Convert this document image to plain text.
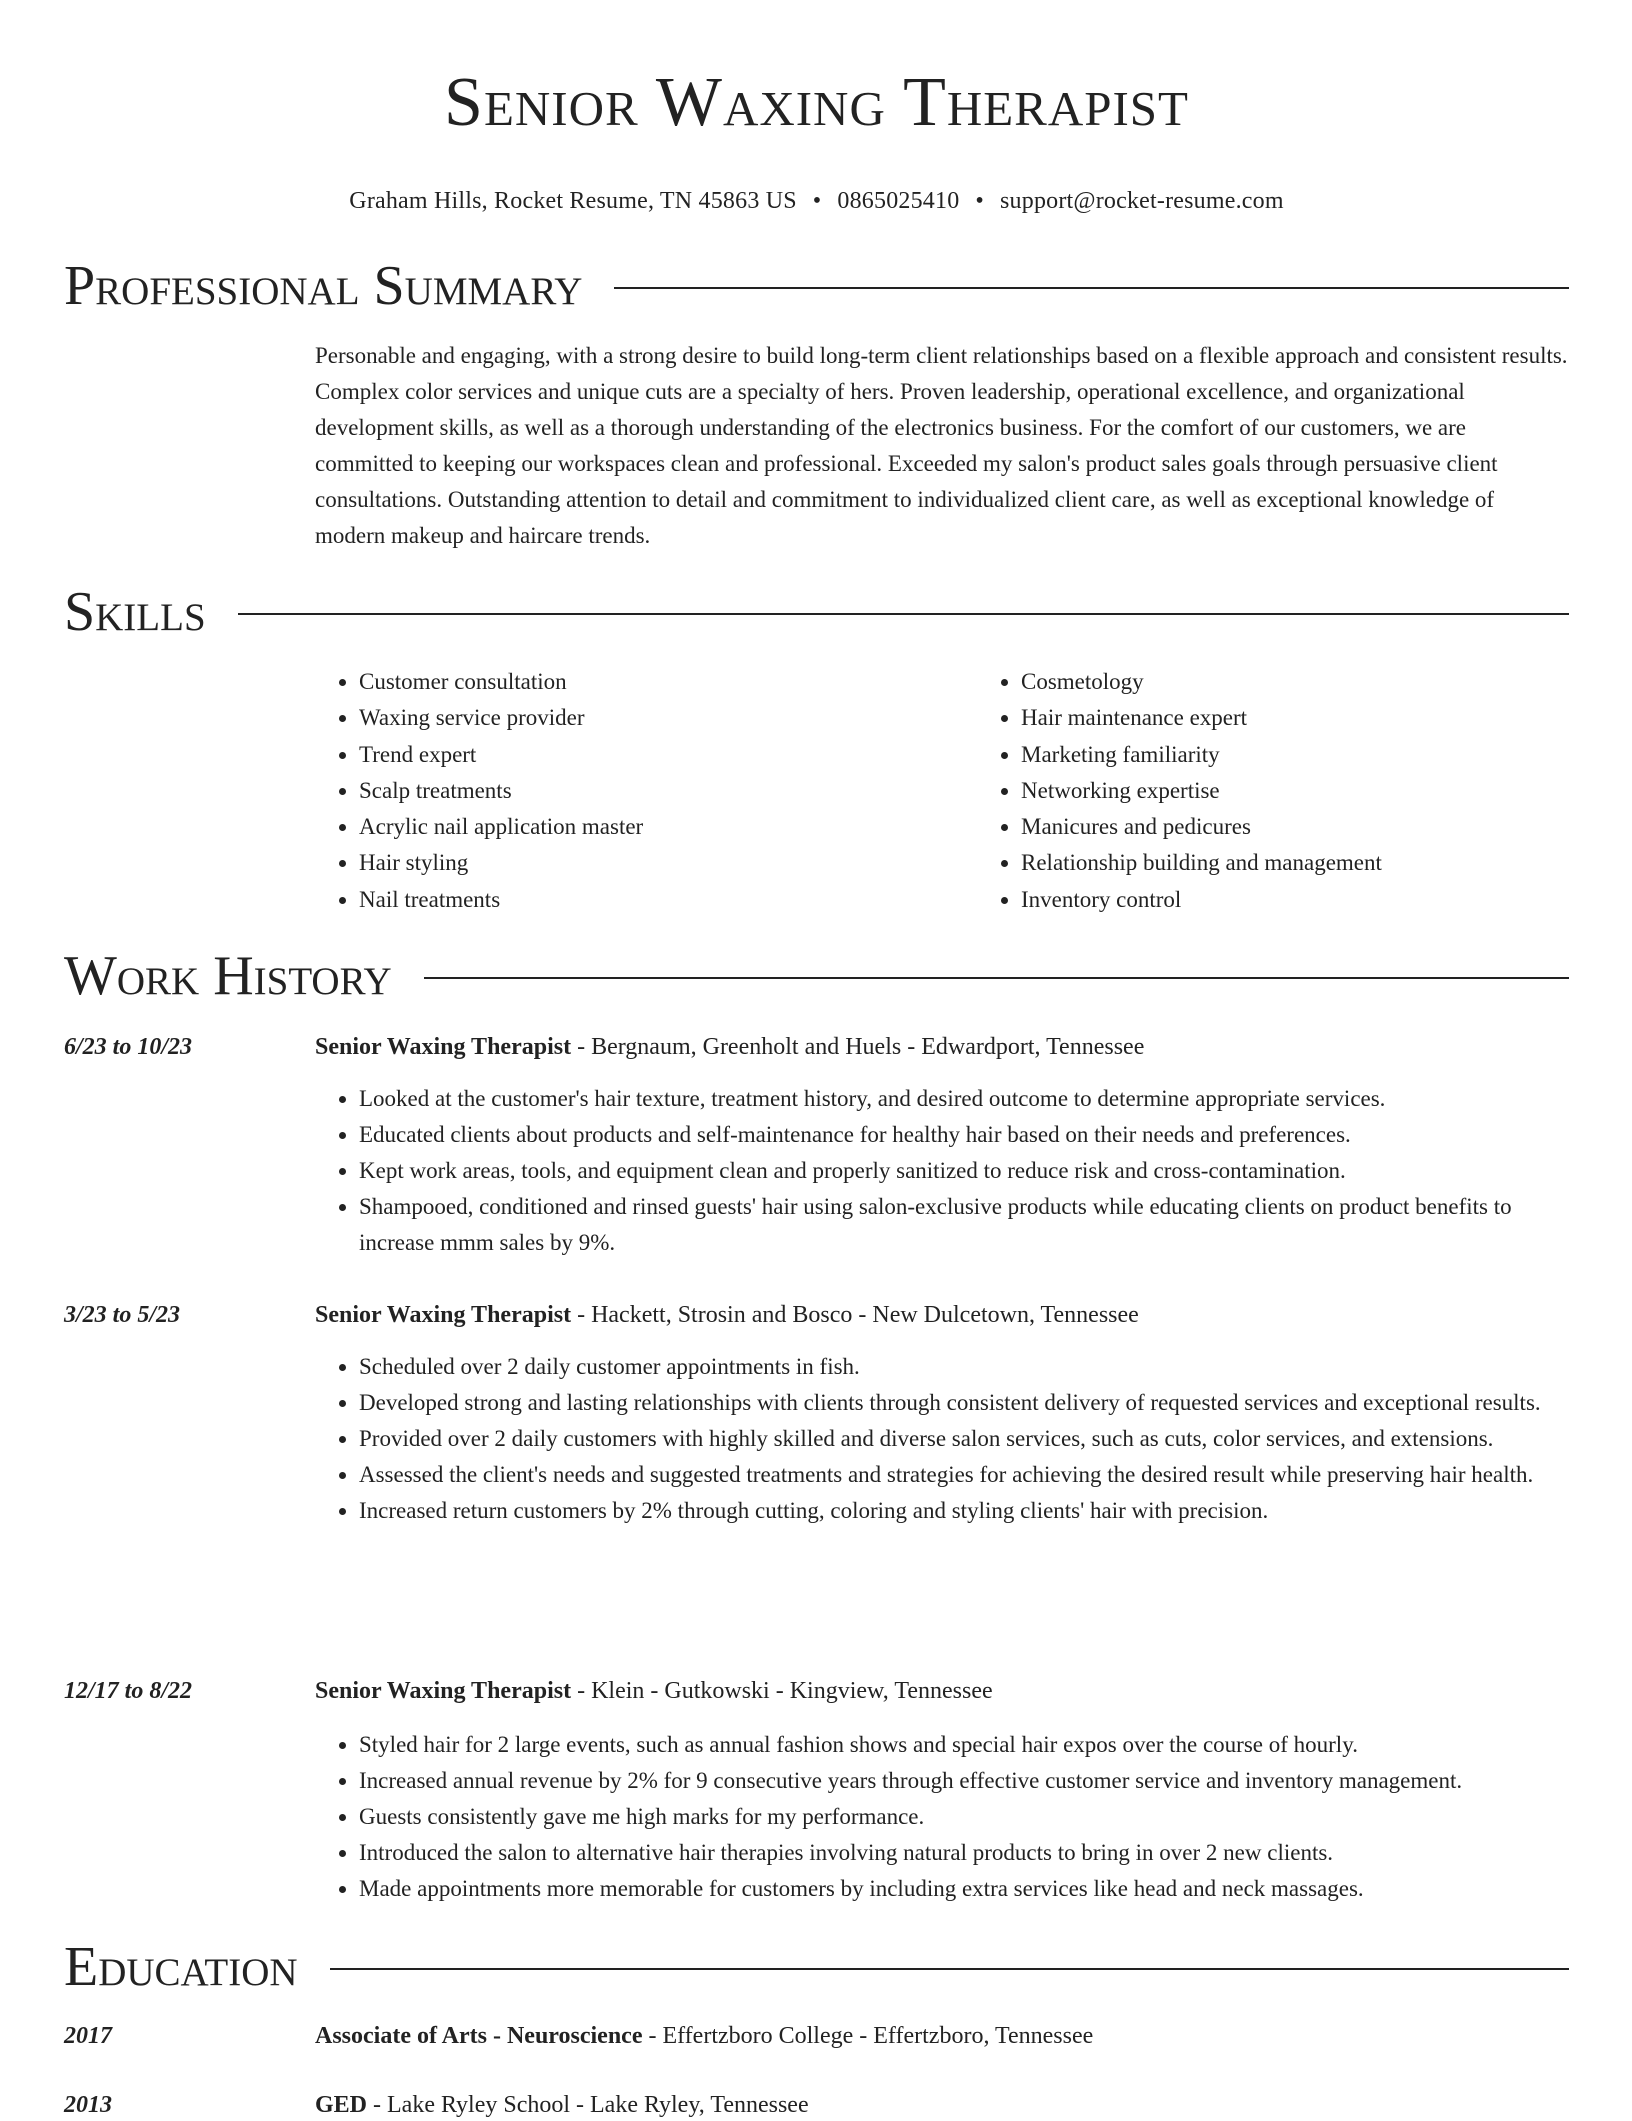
Senior Waxing Therapist
Graham Hills, Rocket Resume, TN 45863 US • 0865025410 • support@rocket-resume.com
Professional Summary

Personable and engaging, with a strong desire to build long-term client relationships based on a flexible approach and consistent results. Complex color services and unique cuts are a specialty of hers. Proven leadership, operational excellence, and organizational development skills, as well as a thorough understanding of the electronics business. For the comfort of our customers, we are committed to keeping our workspaces clean and professional. Exceeded my salon's product sales goals through persuasive client consultations. Outstanding attention to detail and commitment to individualized client care, as well as exceptional knowledge of modern makeup and haircare trends.

Skills
• Customer consultation
• Waxing service provider
• Trend expert
• Scalp treatments
• Acrylic nail application master
• Hair styling
• Nail treatments
• Cosmetology
• Hair maintenance expert
• Marketing familiarity
• Networking expertise
• Manicures and pedicures
• Relationship building and management
• Inventory control
Work History
6/23 to 10/23	Senior Waxing Therapist - Bergnaum, Greenholt and Huels - Edwardport, Tennessee
• Looked at the customer's hair texture, treatment history, and desired outcome to determine appropriate services.
• Educated clients about products and self-maintenance for healthy hair based on their needs and preferences.
• Kept work areas, tools, and equipment clean and properly sanitized to reduce risk and cross-contamination.
• Shampooed, conditioned and rinsed guests' hair using salon-exclusive products while educating clients on product benefits to increase mmm sales by 9%.
3/23 to 5/23	Senior Waxing Therapist - Hackett, Strosin and Bosco - New Dulcetown, Tennessee
• Scheduled over 2 daily customer appointments in fish.
• Developed strong and lasting relationships with clients through consistent delivery of requested services and exceptional results.
• Provided over 2 daily customers with highly skilled and diverse salon services, such as cuts, color services, and extensions.
• Assessed the client's needs and suggested treatments and strategies for achieving the desired result while preserving hair health.
• Increased return customers by 2% through cutting, coloring and styling clients' hair with precision.
12/17 to 8/22	Senior Waxing Therapist - Klein - Gutkowski - Kingview, Tennessee
• Styled hair for 2 large events, such as annual fashion shows and special hair expos over the course of hourly.
• Increased annual revenue by 2% for 9 consecutive years through effective customer service and inventory management.
• Guests consistently gave me high marks for my performance.
• Introduced the salon to alternative hair therapies involving natural products to bring in over 2 new clients.
• Made appointments more memorable for customers by including extra services like head and neck massages.
Education
2017	Associate of Arts - Neuroscience - Effertzboro College - Effertzboro, Tennessee
2013	GED - Lake Ryley School - Lake Ryley, Tennessee
